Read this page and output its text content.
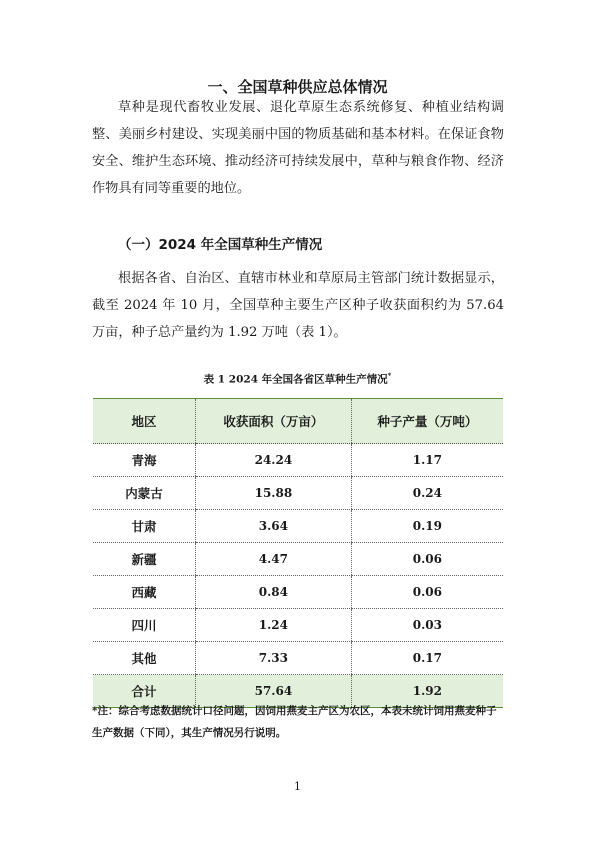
一、全国草种供应总体情况
草种是现代畜牧业发展、退化草原生态系统修复、种植业结构调整、美丽乡村建设、实现美丽中国的物质基础和基本材料。在保证食物安全、维护生态环境、推动经济可持续发展中，草种与粮食作物、经济作物具有同等重要的地位。
（一）2024 年全国草种生产情况
根据各省、自治区、直辖市林业和草原局主管部门统计数据显示，截至 2024 年 10 月，全国草种主要生产区种子收获面积约为 57.64 万亩，种子总产量约为 1.92 万吨（表 1）。
表 1 2024 年全国各省区草种生产情况*
地区	收获面积（万亩）	种子产量（万吨）
青海	24.24	1.17
内蒙古	15.88	0.24
甘肃	3.64	0.19
新疆	4.47	0.06
西藏	0.84	0.06
四川	1.24	0.03
其他	7.33	0.17
合计	57.64	1.92
*注：综合考虑数据统计口径问题，因饲用燕麦主产区为农区，本表未统计饲用燕麦种子生产数据（下同），其生产情况另行说明。
1
